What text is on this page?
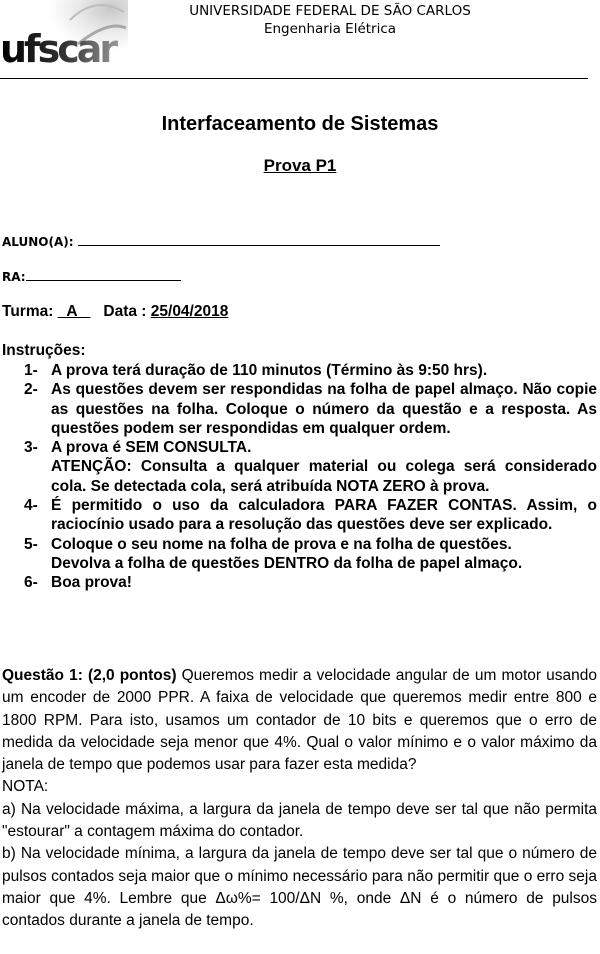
ufscar
UNIVERSIDADE FEDERAL DE SÃO CARLOS
Engenharia Elétrica
Interfaceamento de Sistemas
Prova P1
ALUNO(A):
RA:
Turma: A Data : 25/04/2018
Instruções:
1- A prova terá duração de 110 minutos (Término às 9:50 hrs).

2- As questões devem ser respondidas na folha de papel almaço. Não copie as questões na folha. Coloque o número da questão e a resposta. As questões podem ser respondidas em qualquer ordem.

3- A prova é SEM CONSULTA.

ATENÇÃO: Consulta a qualquer material ou colega será considerado cola. Se detectada cola, será atribuída NOTA ZERO à prova.

4- É permitido o uso da calculadora PARA FAZER CONTAS. Assim, o raciocínio usado para a resolução das questões deve ser explicado.

5- Coloque o seu nome na folha de prova e na folha de questões.

Devolva a folha de questões DENTRO da folha de papel almaço.

6- Boa prova!

Questão 1: (2,0 pontos) Queremos medir a velocidade angular de um motor usando um encoder de 2000 PPR. A faixa de velocidade que queremos medir entre 800 e 1800 RPM. Para isto, usamos um contador de 10 bits e queremos que o erro de medida da velocidade seja menor que 4%. Qual o valor mínimo e o valor máximo da janela de tempo que podemos usar para fazer esta medida?

NOTA:

a) Na velocidade máxima, a largura da janela de tempo deve ser tal que não permita "estourar" a contagem máxima do contador.

b) Na velocidade mínima, a largura da janela de tempo deve ser tal que o número de pulsos contados seja maior que o mínimo necessário para não permitir que o erro seja maior que 4%. Lembre que Δω%= 100/ΔN %, onde ΔN é o número de pulsos contados durante a janela de tempo.
